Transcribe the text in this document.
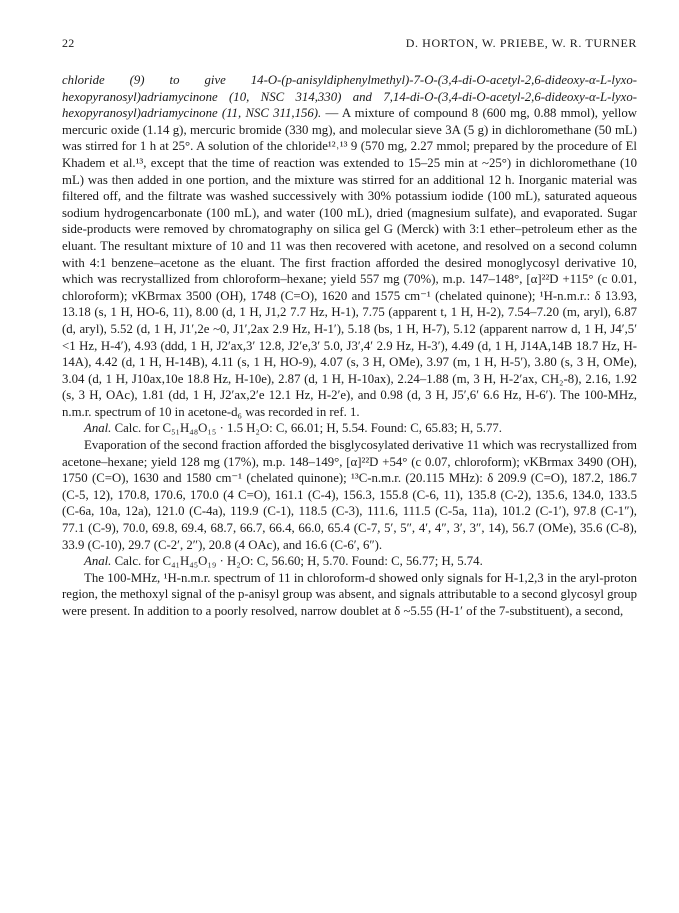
22	D. HORTON, W. PRIEBE, W. R. TURNER

chloride (9) to give 14-O-(p-anisyldiphenylmethyl)-7-O-(3,4-di-O-acetyl-2,6-dideoxy-α-L-lyxo-hexopyranosyl)adriamycinone (10, NSC 314,330) and 7,14-di-O-(3,4-di-O-acetyl-2,6-dideoxy-α-L-lyxo-hexopyranosyl)adriamycinone (11, NSC 311,156). — A mixture of compound 8 (600 mg, 0.88 mmol), yellow mercuric oxide (1.14 g), mercuric bromide (330 mg), and molecular sieve 3A (5 g) in dichloromethane (50 mL) was stirred for 1 h at 25°. A solution of the chloride¹²˒¹³ 9 (570 mg, 2.27 mmol; prepared by the procedure of El Khadem et al.¹³, except that the time of reaction was extended to 15–25 min at ~25°) in dichloromethane (10 mL) was then added in one portion, and the mixture was stirred for an additional 12 h. Inorganic material was filtered off, and the filtrate was washed successively with 30% potassium iodide (100 mL), saturated aqueous sodium hydrogencarbonate (100 mL), and water (100 mL), dried (magnesium sulfate), and evaporated. Sugar side-products were removed by chromatography on silica gel G (Merck) with 3:1 ether–petroleum ether as the eluant. The resultant mixture of 10 and 11 was then recovered with acetone, and resolved on a second column with 4:1 benzene–acetone as the eluant. The first fraction afforded the desired monoglycosyl derivative 10, which was recrystallized from chloroform–hexane; yield 557 mg (70%), m.p. 147–148°, [α]²²D +115° (c 0.01, chloroform); νKBrmax 3500 (OH), 1748 (C=O), 1620 and 1575 cm⁻¹ (chelated quinone); ¹H-n.m.r.: δ 13.93, 13.18 (s, 1 H, HO-6, 11), 8.00 (d, 1 H, J1,2 7.7 Hz, H-1), 7.75 (apparent t, 1 H, H-2), 7.54–7.20 (m, aryl), 6.87 (d, aryl), 5.52 (d, 1 H, J1′,2e ~0, J1′,2ax 2.9 Hz, H-1′), 5.18 (bs, 1 H, H-7), 5.12 (apparent narrow d, 1 H, J4′,5′ <1 Hz, H-4′), 4.93 (ddd, 1 H, J2′ax,3′ 12.8, J2′e,3′ 5.0, J3′,4′ 2.9 Hz, H-3′), 4.49 (d, 1 H, J14A,14B 18.7 Hz, H-14A), 4.42 (d, 1 H, H-14B), 4.11 (s, 1 H, HO-9), 4.07 (s, 3 H, OMe), 3.97 (m, 1 H, H-5′), 3.80 (s, 3 H, OMe), 3.04 (d, 1 H, J10ax,10e 18.8 Hz, H-10e), 2.87 (d, 1 H, H-10ax), 2.24–1.88 (m, 3 H, H-2′ax, CH₂-8), 2.16, 1.92 (s, 3 H, OAc), 1.81 (dd, 1 H, J2′ax,2′e 12.1 Hz, H-2′e), and 0.98 (d, 3 H, J5′,6′ 6.6 Hz, H-6′). The 100-MHz, n.m.r. spectrum of 10 in acetone-d₆ was recorded in ref. 1.

Anal. Calc. for C₅₁H₄₈O₁₅ · 1.5 H₂O: C, 66.01; H, 5.54. Found: C, 65.83; H, 5.77.

Evaporation of the second fraction afforded the bisglycosylated derivative 11 which was recrystallized from acetone–hexane; yield 128 mg (17%), m.p. 148–149°, [α]²²D +54° (c 0.07, chloroform); νKBrmax 3490 (OH), 1750 (C=O), 1630 and 1580 cm⁻¹ (chelated quinone); ¹³C-n.m.r. (20.115 MHz): δ 209.9 (C=O), 187.2, 186.7 (C-5, 12), 170.8, 170.6, 170.0 (4 C=O), 161.1 (C-4), 156.3, 155.8 (C-6, 11), 135.8 (C-2), 135.6, 134.0, 133.5 (C-6a, 10a, 12a), 121.0 (C-4a), 119.9 (C-1), 118.5 (C-3), 111.6, 111.5 (C-5a, 11a), 101.2 (C-1′), 97.8 (C-1″), 77.1 (C-9), 70.0, 69.8, 69.4, 68.7, 66.7, 66.4, 66.0, 65.4 (C-7, 5′, 5″, 4′, 4″, 3′, 3″, 14), 56.7 (OMe), 35.6 (C-8), 33.9 (C-10), 29.7 (C-2′, 2″), 20.8 (4 OAc), and 16.6 (C-6′, 6″).

Anal. Calc. for C₄₁H₄₅O₁₉ · H₂O: C, 56.60; H, 5.70. Found: C, 56.77; H, 5.74.

The 100-MHz, ¹H-n.m.r. spectrum of 11 in chloroform-d showed only signals for H-1,2,3 in the aryl-proton region, the methoxyl signal of the p-anisyl group was absent, and signals attributable to a second glycosyl group were present. In addition to a poorly resolved, narrow doublet at δ ~5.55 (H-1′ of the 7-substituent), a second,
